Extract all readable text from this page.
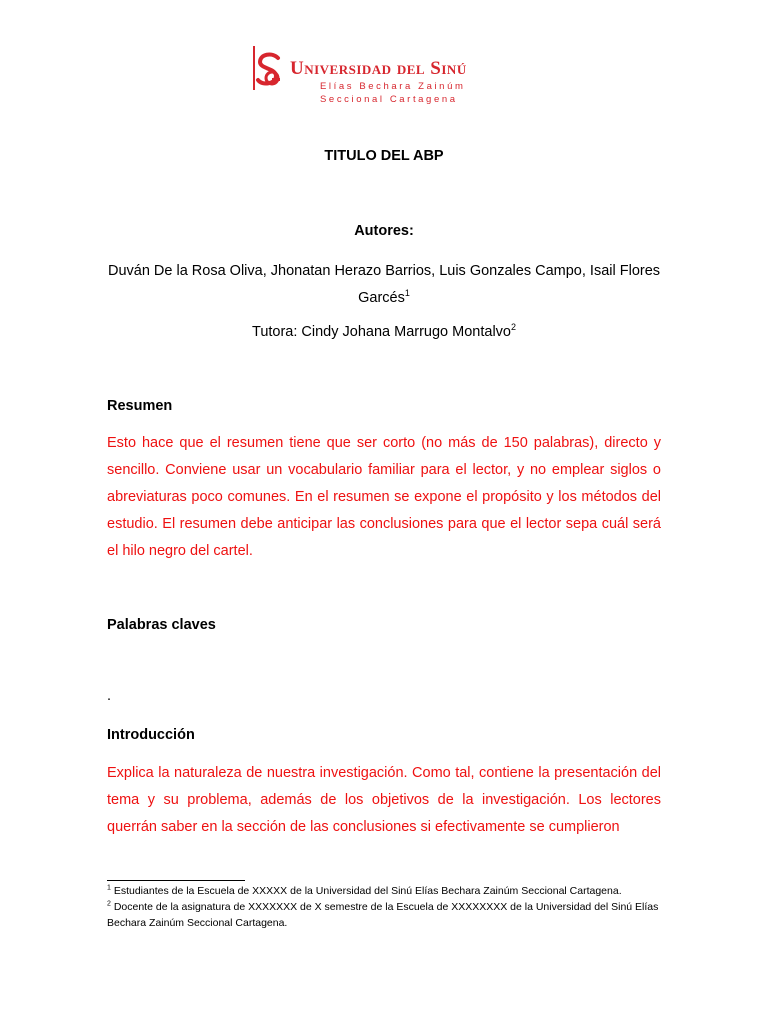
Universidad del Sinú
Elías Bechara Zainúm
Seccional Cartagena
TITULO DEL ABP
Autores:
Duván De la Rosa Oliva, Jhonatan Herazo Barrios, Luis Gonzales Campo, Isail Flores Garcés$^1$
Tutora: Cindy Johana Marrugo Montalvo$^2$
Resumen

Esto hace que el resumen tiene que ser corto (no más de 150 palabras), directo y sencillo. Conviene usar un vocabulario familiar para el lector, y no emplear siglos o abreviaturas poco comunes. En el resumen se expone el propósito y los métodos del estudio. El resumen debe anticipar las conclusiones para que el lector sepa cuál será el hilo negro del cartel.

Palabras claves
.
Introducción

Explica la naturaleza de nuestra investigación. Como tal, contiene la presentación del tema y su problema, además de los objetivos de la investigación. Los lectores querrán saber en la sección de las conclusiones si efectivamente se cumplieron

$^1$ Estudiantes de la Escuela de XXXXX de la Universidad del Sinú Elías Bechara Zainúm Seccional Cartagena.

$^2$ Docente de la asignatura de XXXXXXX de X semestre de la Escuela de XXXXXXXX de la Universidad del Sinú Elías Bechara Zainúm Seccional Cartagena.
